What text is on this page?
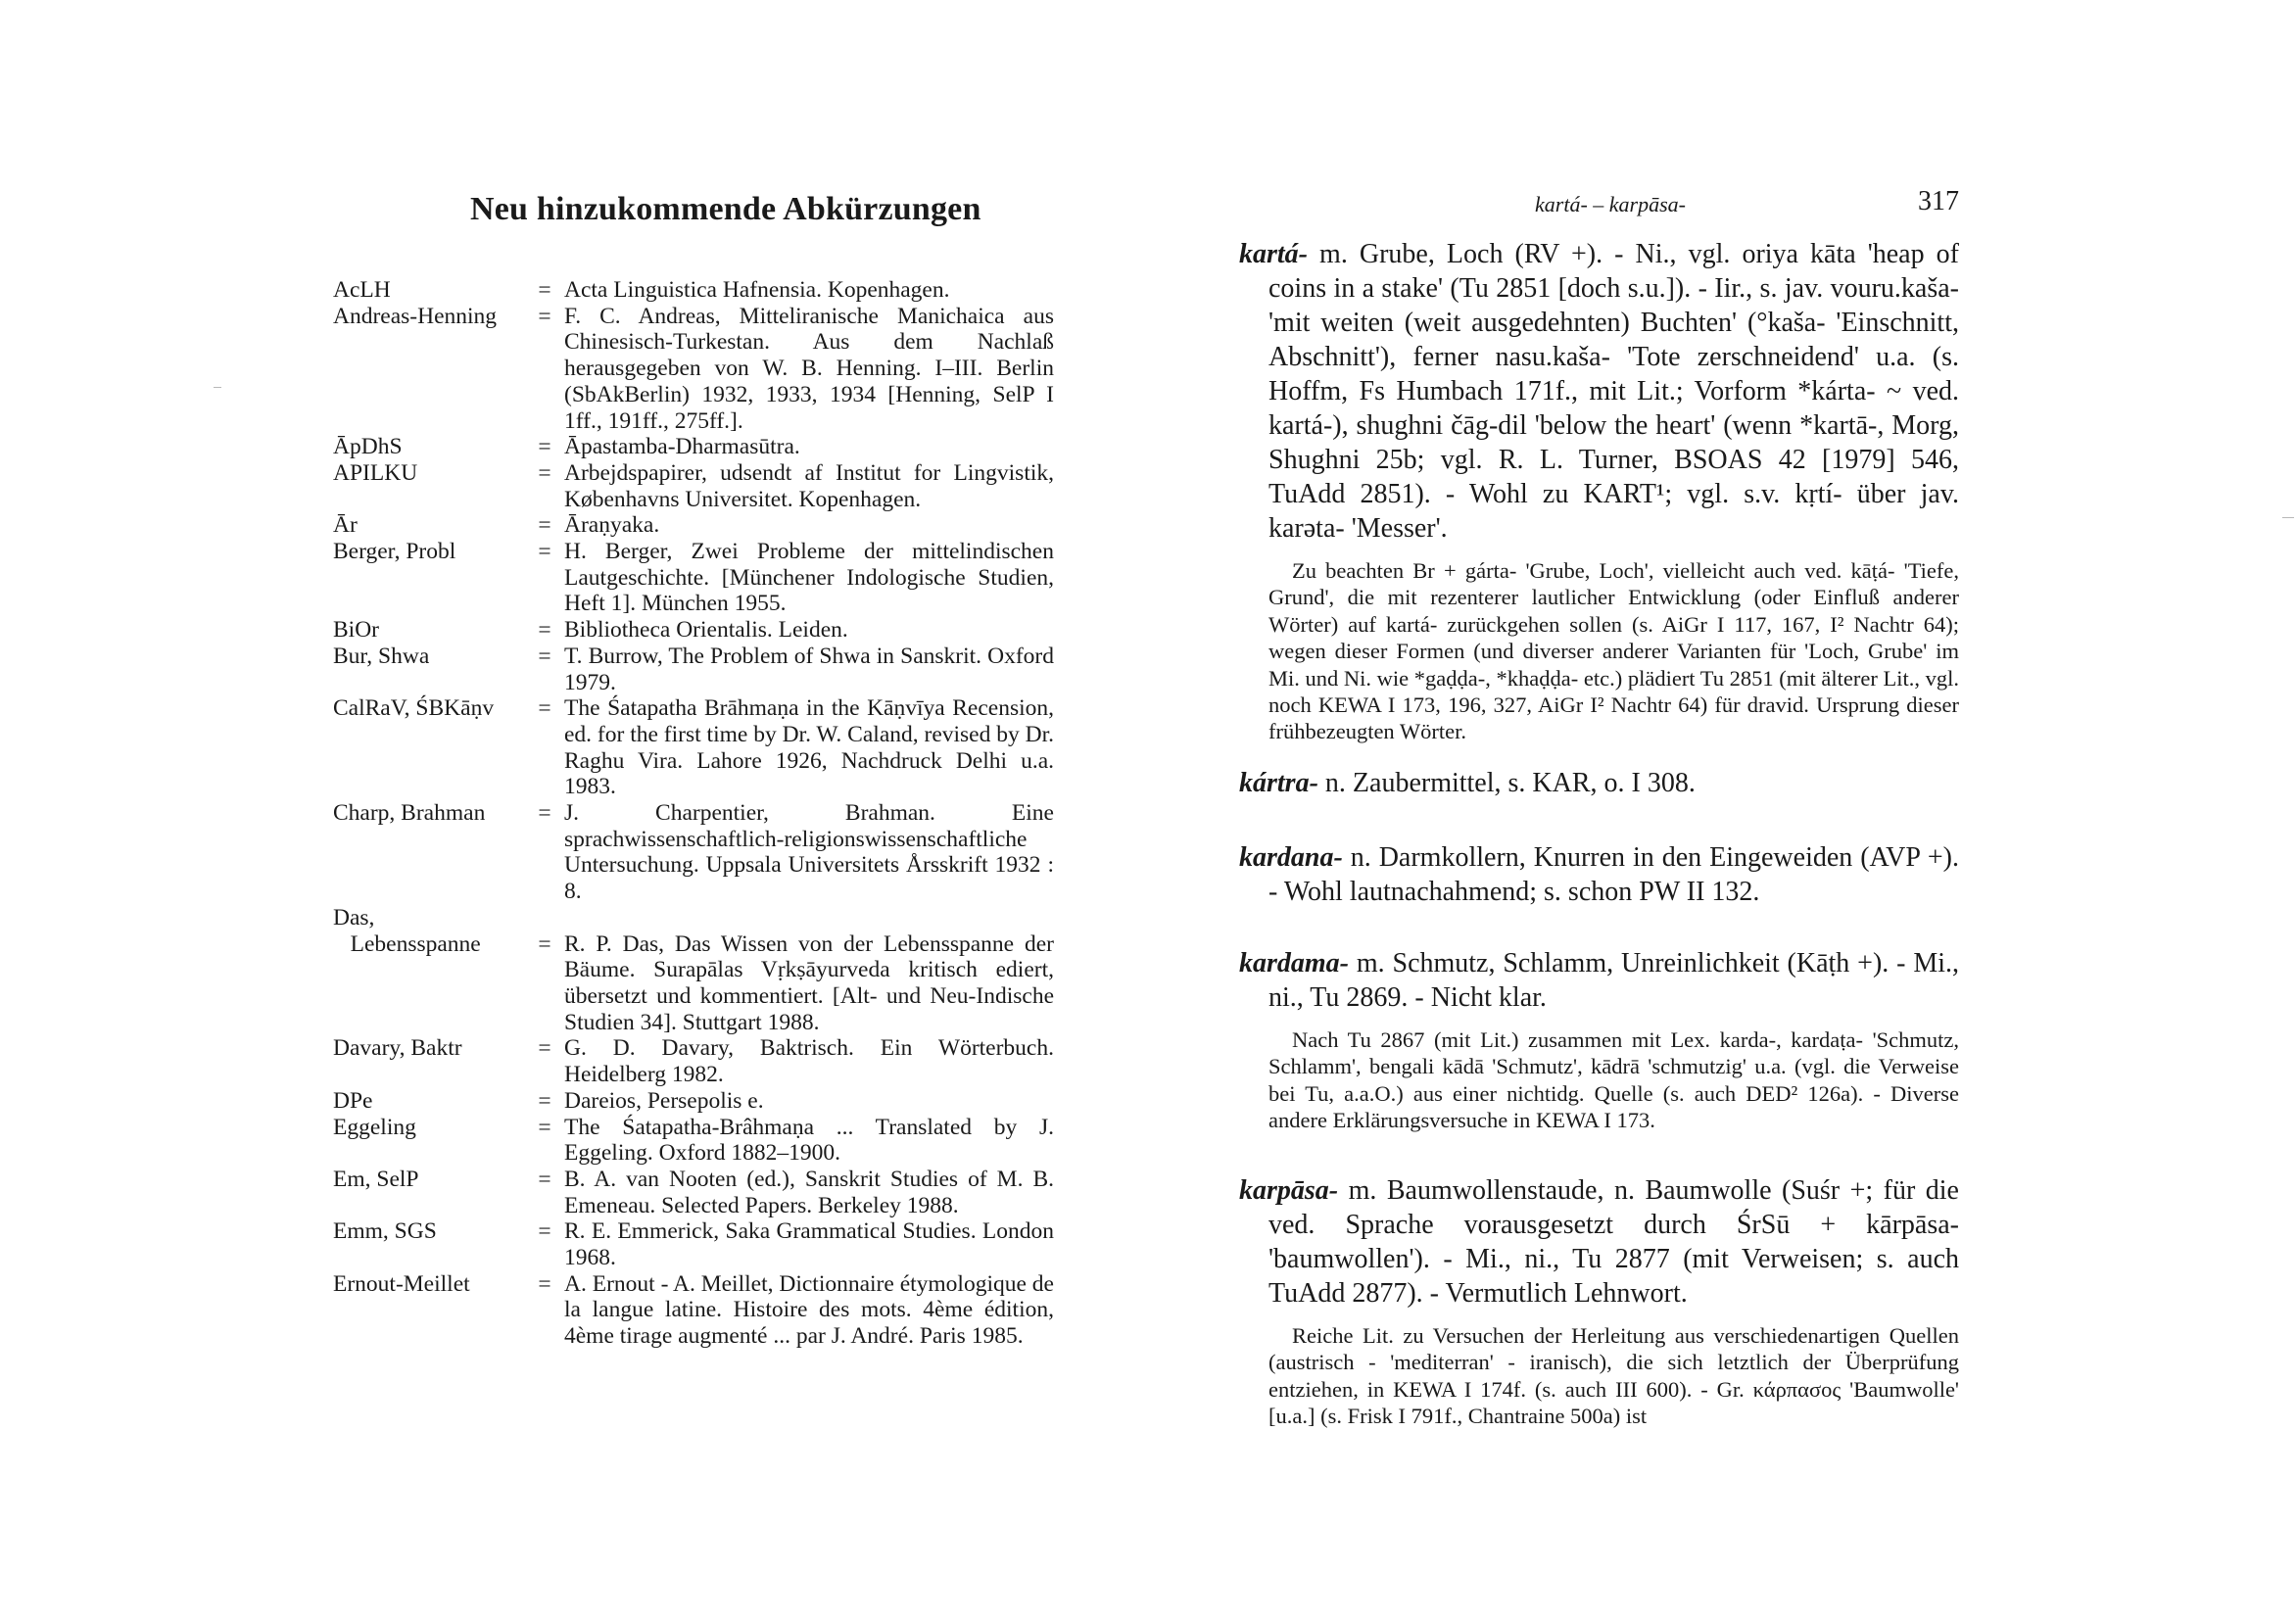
Neu hinzukommende Abkürzungen
AcLH	= Acta Linguistica Hafnensia. Kopenhagen.
Andreas-Henning	= F. C. Andreas, Mitteliranische Manichaica aus Chinesisch-Turkestan. Aus dem Nachlaß herausgegeben von W. B. Henning. I–III. Berlin (SbAkBerlin) 1932, 1933, 1934 [Henning, SelP I 1ff., 191ff., 275ff.].
ĀpDhS	= Āpastamba-Dharmasūtra.
APILKU	= Arbejdspapirer, udsendt af Institut for Lingvistik, Københavns Universitet. Kopenhagen.
Ār	= Āraṇyaka.
Berger, Probl	= H. Berger, Zwei Probleme der mittelindischen Lautgeschichte. [Münchener Indologische Studien, Heft 1]. München 1955.
BiOr	= Bibliotheca Orientalis. Leiden.
Bur, Shwa	= T. Burrow, The Problem of Shwa in Sanskrit. Oxford 1979.
CalRaV, ŚBKāṇv	= The Śatapatha Brāhmaṇa in the Kāṇvīya Recension, ed. for the first time by Dr. W. Caland, revised by Dr. Raghu Vira. Lahore 1926, Nachdruck Delhi u.a. 1983.
Charp, Brahman	= J. Charpentier, Brahman. Eine sprachwissenschaftlich-religionswissenschaftliche Untersuchung. Uppsala Universitets Årsskrift 1932 : 8.
Das,
Lebensspanne	= R. P. Das, Das Wissen von der Lebensspanne der Bäume. Surapālas Vṛkṣāyurveda kritisch ediert, übersetzt und kommentiert. [Alt- und Neu-Indische Studien 34]. Stuttgart 1988.
Davary, Baktr	= G. D. Davary, Baktrisch. Ein Wörterbuch. Heidelberg 1982.
DPe	= Dareios, Persepolis e.
Eggeling	= The Śatapatha-Brâhmaṇa ... Translated by J. Eggeling. Oxford 1882–1900.
Em, SelP	= B. A. van Nooten (ed.), Sanskrit Studies of M. B. Emeneau. Selected Papers. Berkeley 1988.
Emm, SGS	= R. E. Emmerick, Saka Grammatical Studies. London 1968.
Ernout-Meillet	= A. Ernout - A. Meillet, Dictionnaire étymologique de la langue latine. Histoire des mots. 4ème édition, 4ème tirage augmenté ... par J. André. Paris 1985.
kartá- – karpāsa-	317
kartá- m. Grube, Loch (RV +). - Ni., vgl. oriya kāta 'heap of coins in a stake' (Tu 2851 [doch s.u.]). - Iir., s. jav. vouru.kaša- 'mit weiten (weit ausgedehnten) Buchten' (°kaša- 'Einschnitt, Abschnitt'), ferner nasu.kaša- 'Tote zerschneidend' u.a. (s. Hoffm, Fs Humbach 171f., mit Lit.; Vorform *kárta- ~ ved. kartá-), shughni čāg-dil 'below the heart' (wenn *kartā-, Morg, Shughni 25b; vgl. R. L. Turner, BSOAS 42 [1979] 546, TuAdd 2851). - Wohl zu KART¹; vgl. s.v. kṛtí- über jav. karəta- 'Messer'.
Zu beachten Br + gárta- 'Grube, Loch', vielleicht auch ved. kāṭá- 'Tiefe, Grund', die mit rezenterer lautlicher Entwicklung (oder Einfluß anderer Wörter) auf kartá- zurückgehen sollen (s. AiGr I 117, 167, I² Nachtr 64); wegen dieser Formen (und diverser anderer Varianten für 'Loch, Grube' im Mi. und Ni. wie *gaḍḍa-, *khaḍḍa- etc.) plädiert Tu 2851 (mit älterer Lit., vgl. noch KEWA I 173, 196, 327, AiGr I² Nachtr 64) für dravid. Ursprung dieser frühbezeugten Wörter.
kártra- n. Zaubermittel, s. KAR, o. I 308.
kardana- n. Darmkollern, Knurren in den Eingeweiden (AVP +). - Wohl lautnachahmend; s. schon PW II 132.
kardama- m. Schmutz, Schlamm, Unreinlichkeit (Kāṭh +). - Mi., ni., Tu 2869. - Nicht klar.
Nach Tu 2867 (mit Lit.) zusammen mit Lex. karda-, kardaṭa- 'Schmutz, Schlamm', bengali kādā 'Schmutz', kādrā 'schmutzig' u.a. (vgl. die Verweise bei Tu, a.a.O.) aus einer nichtidg. Quelle (s. auch DED² 126a). - Diverse andere Erklärungsversuche in KEWA I 173.
karpāsa- m. Baumwollenstaude, n. Baumwolle (Suśr +; für die ved. Sprache vorausgesetzt durch ŚrSū + kārpāsa- 'baumwollen'). - Mi., ni., Tu 2877 (mit Verweisen; s. auch TuAdd 2877). - Vermutlich Lehnwort.
Reiche Lit. zu Versuchen der Herleitung aus verschiedenartigen Quellen (austrisch - 'mediterran' - iranisch), die sich letztlich der Überprüfung entziehen, in KEWA I 174f. (s. auch III 600). - Gr. κάρπασος 'Baumwolle' [u.a.] (s. Frisk I 791f., Chantraine 500a) ist
